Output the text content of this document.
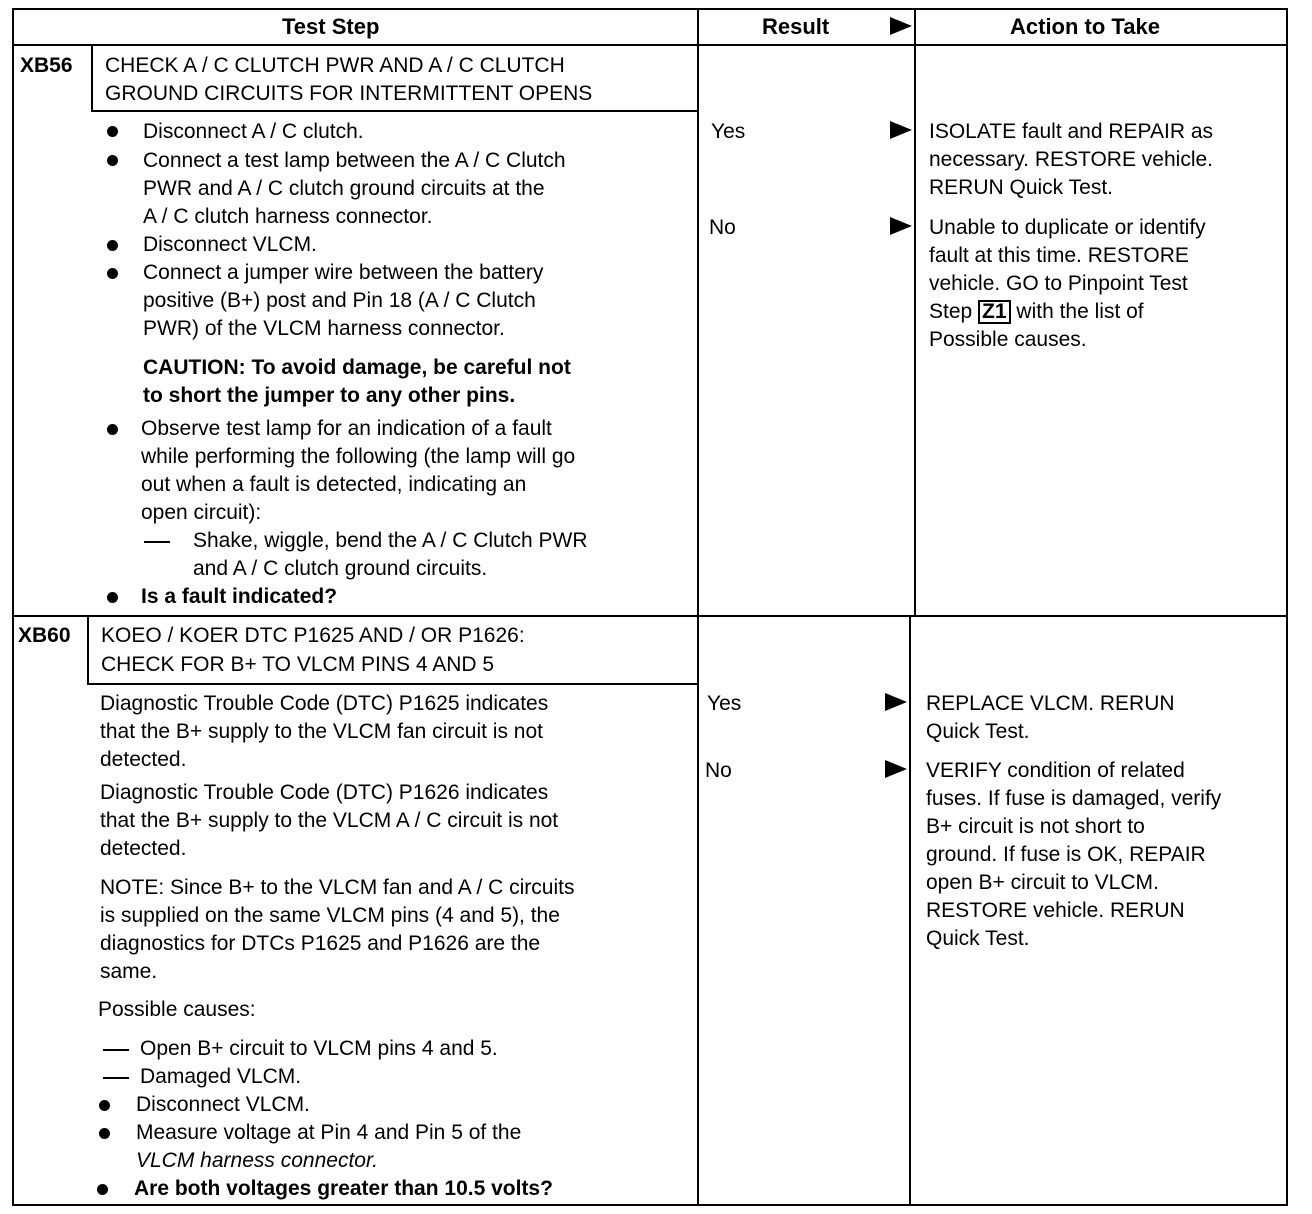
Test Step	Result	Action to Take
XB56 CHECK A / C CLUTCH PWR AND A / C CLUTCH
GROUND CIRCUITS FOR INTERMITTENT OPENS
Disconnect A / C clutch.
Connect a test lamp between the A / C Clutch
PWR and A / C clutch ground circuits at the
A / C clutch harness connector.
Disconnect VLCM.
Connect a jumper wire between the battery
positive (B+) post and Pin 18 (A / C Clutch
PWR) of the VLCM harness connector.
CAUTION: To avoid damage, be careful not
to short the jumper to any other pins.
Observe test lamp for an indication of a fault
while performing the following (the lamp will go
out when a fault is detected, indicating an
open circuit):
Shake, wiggle, bend the A / C Clutch PWR
and A / C clutch ground circuits.
Is a fault indicated?
Yes
No
ISOLATE fault and REPAIR as
necessary. RESTORE vehicle.
RERUN Quick Test.
Unable to duplicate or identify
fault at this time. RESTORE
vehicle. GO to Pinpoint Test
Step Z1 with the list of
Possible causes.
XB60 KOEO / KOER DTC P1625 AND / OR P1626:
CHECK FOR B+ TO VLCM PINS 4 AND 5
Diagnostic Trouble Code (DTC) P1625 indicates
that the B+ supply to the VLCM fan circuit is not
detected.
Diagnostic Trouble Code (DTC) P1626 indicates
that the B+ supply to the VLCM A / C circuit is not
detected.
NOTE: Since B+ to the VLCM fan and A / C circuits
is supplied on the same VLCM pins (4 and 5), the
diagnostics for DTCs P1625 and P1626 are the
same.
Possible causes:
Open B+ circuit to VLCM pins 4 and 5.
Damaged VLCM.
Disconnect VLCM.
Measure voltage at Pin 4 and Pin 5 of the
VLCM harness connector.
Are both voltages greater than 10.5 volts?
Yes
No
REPLACE VLCM. RERUN
Quick Test.
VERIFY condition of related
fuses. If fuse is damaged, verify
B+ circuit is not short to
ground. If fuse is OK, REPAIR
open B+ circuit to VLCM.
RESTORE vehicle. RERUN
Quick Test.
